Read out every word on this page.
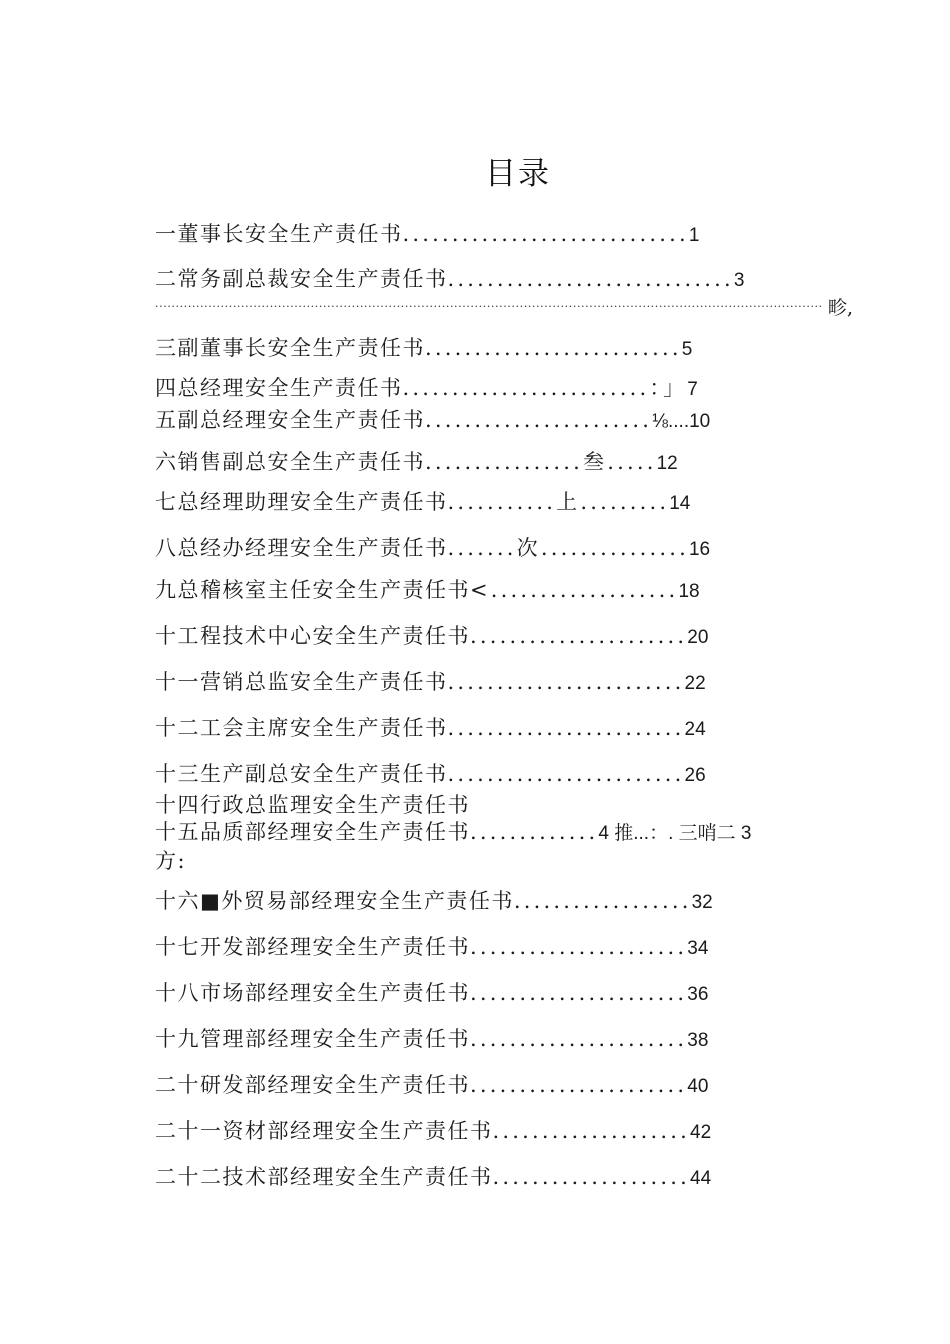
目录
一董事长安全生产责任书.............................1
二常务副总裁安全生产责任书.............................3
................................................................................................................................................................... 畛,
三副董事长安全生产责任书..........................5
四总经理安全生产责任书.........................：」7
五副总经理安全生产责任书.......................⅛....10
六销售副总安全生产责任书................叁.....12
七总经理助理安全生产责任书...........上.........14
八总经办经理安全生产责任书.......次...............16
九总稽核室主任安全生产责任书<...................18
十工程技术中心安全生产责任书......................20
十一营销总监安全生产责任书........................22
十二工会主席安全生产责任书........................24
十三生产副总安全生产责任书........................26
十四行政总监理安全生产责任书
十五品质部经理安全生产责任书.............4 推...：. 三哨二 3
方:
十六■外贸易部经理安全生产责任书..................32
十七开发部经理安全生产责任书......................34
十八市场部经理安全生产责任书......................36
十九管理部经理安全生产责任书......................38
二十研发部经理安全生产责任书......................40
二十一资材部经理安全生产责任书....................42
二十二技术部经理安全生产责任书....................44
